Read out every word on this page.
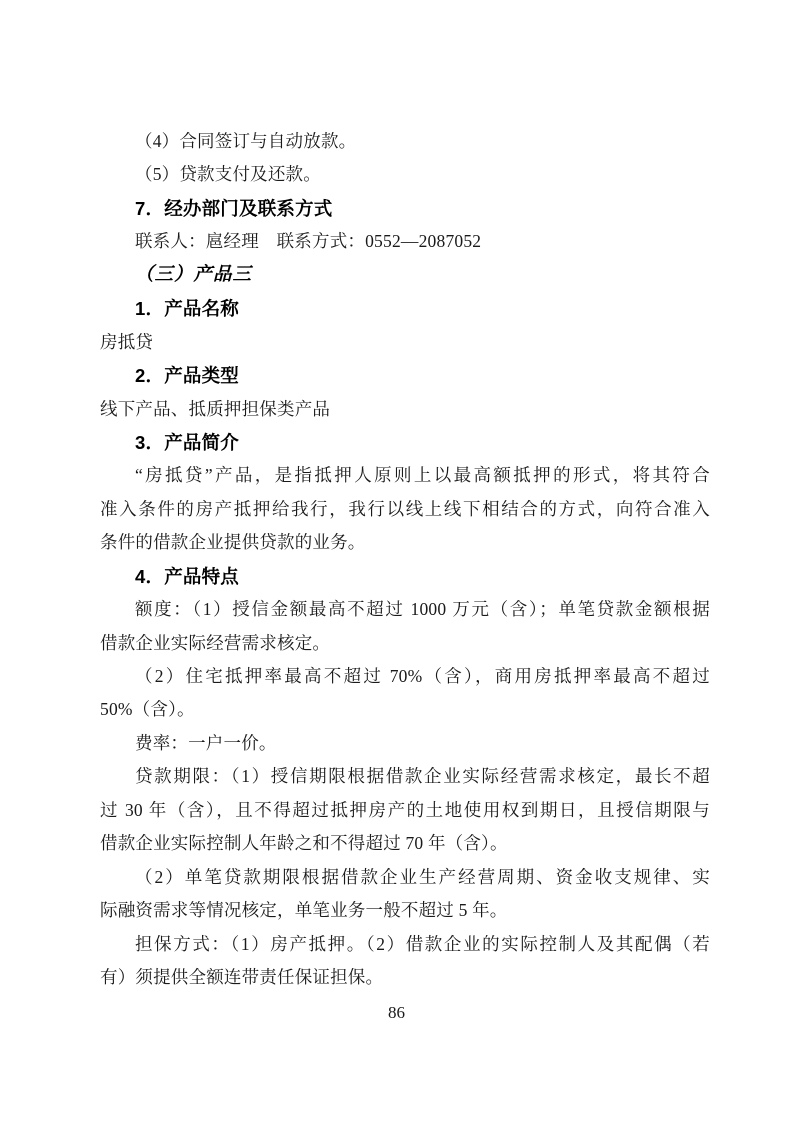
（4）合同签订与自动放款。
（5）贷款支付及还款。
7．经办部门及联系方式
联系人：扈经理　联系方式：0552—2087052
（三）产品三
1．产品名称
房抵贷
2．产品类型
线下产品、抵质押担保类产品
3．产品简介
“房抵贷”产品，是指抵押人原则上以最高额抵押的形式，将其符合
准入条件的房产抵押给我行，我行以线上线下相结合的方式，向符合准入
条件的借款企业提供贷款的业务。
4．产品特点
额度：（1）授信金额最高不超过 1000 万元（含）；单笔贷款金额根据
借款企业实际经营需求核定。
（2）住宅抵押率最高不超过 70%（含），商用房抵押率最高不超过
50%（含）。
费率：一户一价。
贷款期限：（1）授信期限根据借款企业实际经营需求核定，最长不超
过 30 年（含），且不得超过抵押房产的土地使用权到期日，且授信期限与
借款企业实际控制人年龄之和不得超过 70 年（含）。
（2）单笔贷款期限根据借款企业生产经营周期、资金收支规律、实
际融资需求等情况核定，单笔业务一般不超过 5 年。
担保方式：（1）房产抵押。（2）借款企业的实际控制人及其配偶（若
有）须提供全额连带责任保证担保。
86
